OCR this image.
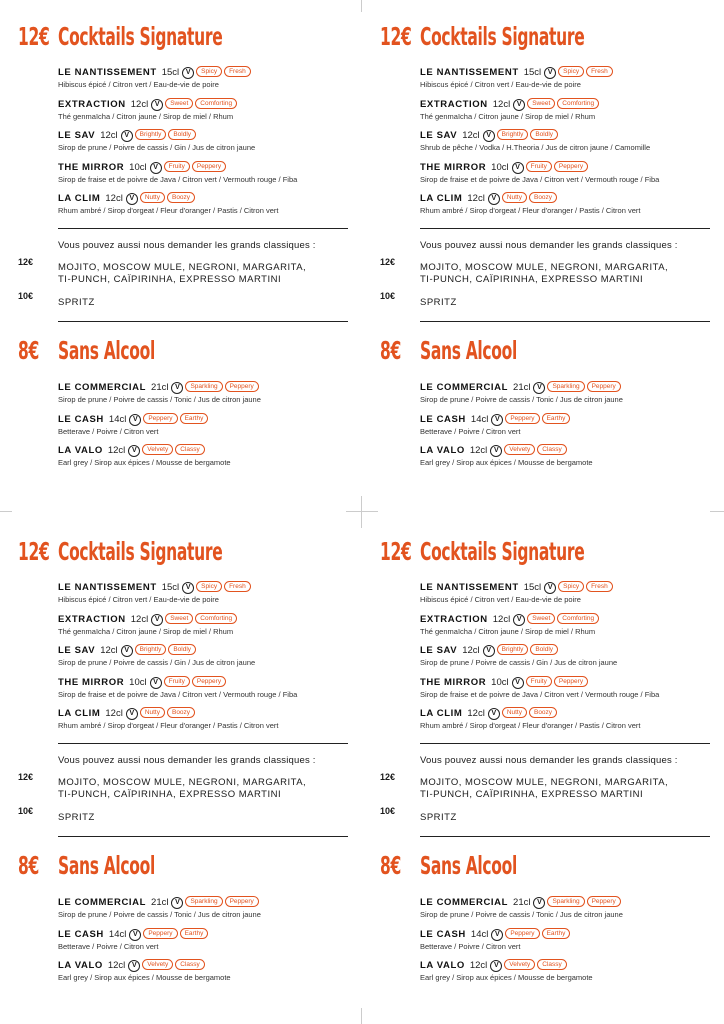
12€ Cocktails Signature
LE NANTISSEMENT 15cl V Spicy Fresh
Hibiscus épicé / Citron vert / Eau-de-vie de poire
EXTRACTION 12cl V Sweet Comforting
Thé genmaïcha / Citron jaune / Sirop de miel / Rhum
LE SAV 12cl V Brightly Boldly
Sirop de prune / Poivre de cassis / Gin / Jus de citron jaune
THE MIRROR 10cl V Fruity Peppery
Sirop de fraise et de poivre de Java / Citron vert / Vermouth rouge / Fiba
LA CLIM 12cl V Nutty Boozy
Rhum ambré / Sirop d'orgeat / Fleur d'oranger / Pastis / Citron vert
Vous pouvez aussi nous demander les grands classiques :
12€	MOJITO, MOSCOW MULE, NEGRONI, MARGARITA,
TI-PUNCH, CAÏPIRINHA, EXPRESSO MARTINI
10€
SPRITZ
8€ Sans Alcool
LE COMMERCIAL 21cl V Sparkling Peppery
Sirop de prune / Poivre de cassis / Tonic / Jus de citron jaune
LE CASH 14cl V Peppery Earthy
Betterave / Poivre / Citron vert
LA VALO 12cl V Velvety Classy
Earl grey / Sirop aux épices / Mousse de bergamote
12€ Cocktails Signature
LE NANTISSEMENT 15cl V Spicy Fresh
Hibiscus épicé / Citron vert / Eau-de-vie de poire
EXTRACTION 12cl V Sweet Comforting
Thé genmaïcha / Citron jaune / Sirop de miel / Rhum
LE SAV 12cl V Brightly Boldly
Shrub de pêche / Vodka / H.Theoria / Jus de citron jaune / Camomille
THE MIRROR 10cl V Fruity Peppery
Sirop de fraise et de poivre de Java / Citron vert / Vermouth rouge / Fiba
LA CLIM 12cl V Nutty Boozy
Rhum ambré / Sirop d'orgeat / Fleur d'oranger / Pastis / Citron vert
Vous pouvez aussi nous demander les grands classiques :
12€	MOJITO, MOSCOW MULE, NEGRONI, MARGARITA,
TI-PUNCH, CAÏPIRINHA, EXPRESSO MARTINI
10€
SPRITZ
8€ Sans Alcool
LE COMMERCIAL 21cl V Sparkling Peppery
Sirop de prune / Poivre de cassis / Tonic / Jus de citron jaune
LE CASH 14cl V Peppery Earthy
Betterave / Poivre / Citron vert
LA VALO 12cl V Velvety Classy
Earl grey / Sirop aux épices / Mousse de bergamote
12€ Cocktails Signature
LE NANTISSEMENT 15cl V Spicy Fresh
Hibiscus épicé / Citron vert / Eau-de-vie de poire
EXTRACTION 12cl V Sweet Comforting
Thé genmaïcha / Citron jaune / Sirop de miel / Rhum
LE SAV 12cl V Brightly Boldly
Sirop de prune / Poivre de cassis / Gin / Jus de citron jaune
THE MIRROR 10cl V Fruity Peppery
Sirop de fraise et de poivre de Java / Citron vert / Vermouth rouge / Fiba
LA CLIM 12cl V Nutty Boozy
Rhum ambré / Sirop d'orgeat / Fleur d'oranger / Pastis / Citron vert
Vous pouvez aussi nous demander les grands classiques :
12€	MOJITO, MOSCOW MULE, NEGRONI, MARGARITA,
TI-PUNCH, CAÏPIRINHA, EXPRESSO MARTINI
10€
SPRITZ
8€ Sans Alcool
LE COMMERCIAL 21cl V Sparkling Peppery
Sirop de prune / Poivre de cassis / Tonic / Jus de citron jaune
LE CASH 14cl V Peppery Earthy
Betterave / Poivre / Citron vert
LA VALO 12cl V Velvety Classy
Earl grey / Sirop aux épices / Mousse de bergamote
12€ Cocktails Signature
LE NANTISSEMENT 15cl V Spicy Fresh
Hibiscus épicé / Citron vert / Eau-de-vie de poire
EXTRACTION 12cl V Sweet Comforting
Thé genmaïcha / Citron jaune / Sirop de miel / Rhum
LE SAV 12cl V Brightly Boldly
Sirop de prune / Poivre de cassis / Gin / Jus de citron jaune
THE MIRROR 10cl V Fruity Peppery
Sirop de fraise et de poivre de Java / Citron vert / Vermouth rouge / Fiba
LA CLIM 12cl V Nutty Boozy
Rhum ambré / Sirop d'orgeat / Fleur d'oranger / Pastis / Citron vert
Vous pouvez aussi nous demander les grands classiques :
12€	MOJITO, MOSCOW MULE, NEGRONI, MARGARITA,
TI-PUNCH, CAÏPIRINHA, EXPRESSO MARTINI
10€
SPRITZ
8€ Sans Alcool
LE COMMERCIAL 21cl V Sparkling Peppery
Sirop de prune / Poivre de cassis / Tonic / Jus de citron jaune
LE CASH 14cl V Peppery Earthy
Betterave / Poivre / Citron vert
LA VALO 12cl V Velvety Classy
Earl grey / Sirop aux épices / Mousse de bergamote
